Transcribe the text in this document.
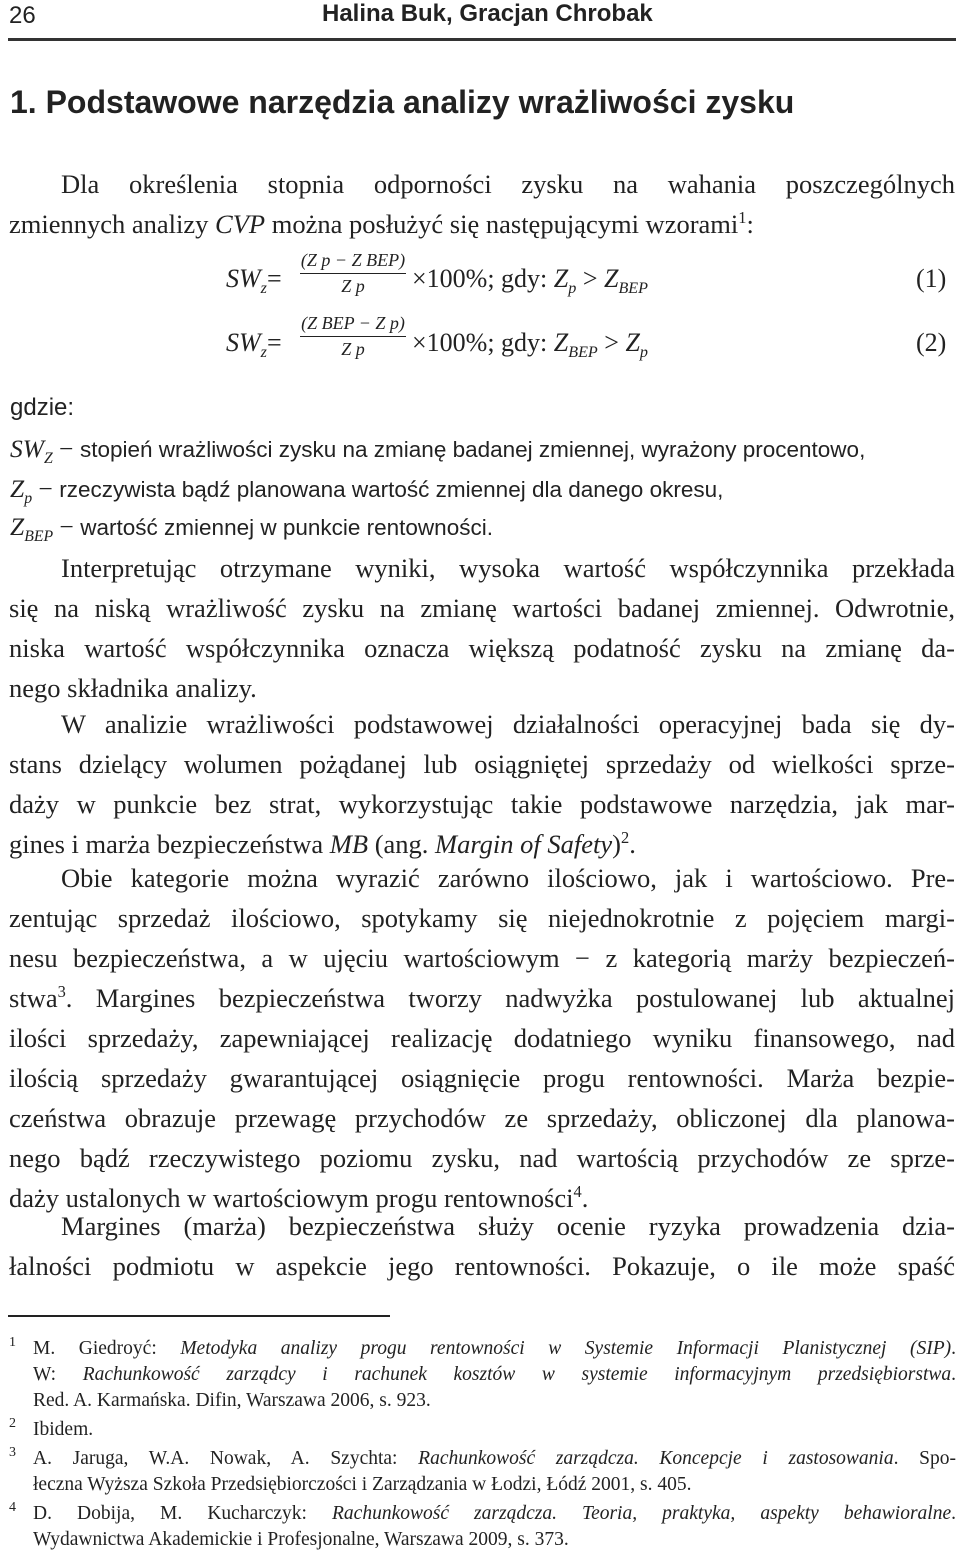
26	Halina Buk, Gracjan Chrobak
1. Podstawowe narzędzia analizy wrażliwości zysku
Dla określenia stopnia odporności zysku na wahania poszczególnych
zmiennych analizy CVP można posłużyć się następującymi wzorami$^1$:
$SW_z=$
(Z p − Z BEP)
Z p	×100%; gdy: $Z_p > Z_{BEP}$	(1)
$SW_z=$
(Z BEP − Z p)
Z p	×100%; gdy: $Z_{BEP} > Z_p$	(2)
gdzie:
$SW_Z$ − stopień wrażliwości zysku na zmianę badanej zmiennej, wyrażony procentowo,
$Z_p$ − rzeczywista bądź planowana wartość zmiennej dla danego okresu,
$Z_{BEP}$ − wartość zmiennej w punkcie rentowności.
Interpretując otrzymane wyniki, wysoka wartość współczynnika przekłada
się na niską wrażliwość zysku na zmianę wartości badanej zmiennej. Odwrotnie,
niska wartość współczynnika oznacza większą podatność zysku na zmianę da-
nego składnika analizy.
W analizie wrażliwości podstawowej działalności operacyjnej bada się dy-
stans dzielący wolumen pożądanej lub osiągniętej sprzedaży od wielkości sprze-
daży w punkcie bez strat, wykorzystując takie podstawowe narzędzia, jak mar-
gines i marża bezpieczeństwa MB (ang. Margin of Safety)$^2$.
Obie kategorie można wyrazić zarówno ilościowo, jak i wartościowo. Pre-
zentując sprzedaż ilościowo, spotykamy się niejednokrotnie z pojęciem margi-
nesu bezpieczeństwa, a w ujęciu wartościowym − z kategorią marży bezpieczeń-
stwa$^3$. Margines bezpieczeństwa tworzy nadwyżka postulowanej lub aktualnej
ilości sprzedaży, zapewniającej realizację dodatniego wyniku finansowego, nad
ilością sprzedaży gwarantującej osiągnięcie progu rentowności. Marża bezpie-
czeństwa obrazuje przewagę przychodów ze sprzedaży, obliczonej dla planowa-
nego bądź rzeczywistego poziomu zysku, nad wartością przychodów ze sprze-
daży ustalonych w wartościowym progu rentowności$^4$.
Margines (marża) bezpieczeństwa służy ocenie ryzyka prowadzenia dzia-
łalności podmiotu w aspekcie jego rentowności. Pokazuje, o ile może spaść
1 M. Giedroyć: Metodyka analizy progu rentowności w Systemie Informacji Planistycznej (SIP).
W: Rachunkowość zarządcy i rachunek kosztów w systemie informacyjnym przedsiębiorstwa.
Red. A. Karmańska. Difin, Warszawa 2006, s. 923.
2 Ibidem.
3 A. Jaruga, W.A. Nowak, A. Szychta: Rachunkowość zarządcza. Koncepcje i zastosowania. Spo-
łeczna Wyższa Szkoła Przedsiębiorczości i Zarządzania w Łodzi, Łódź 2001, s. 405.
4 D. Dobija, M. Kucharczyk: Rachunkowość zarządcza. Teoria, praktyka, aspekty behawioralne.
Wydawnictwa Akademickie i Profesjonalne, Warszawa 2009, s. 373.
